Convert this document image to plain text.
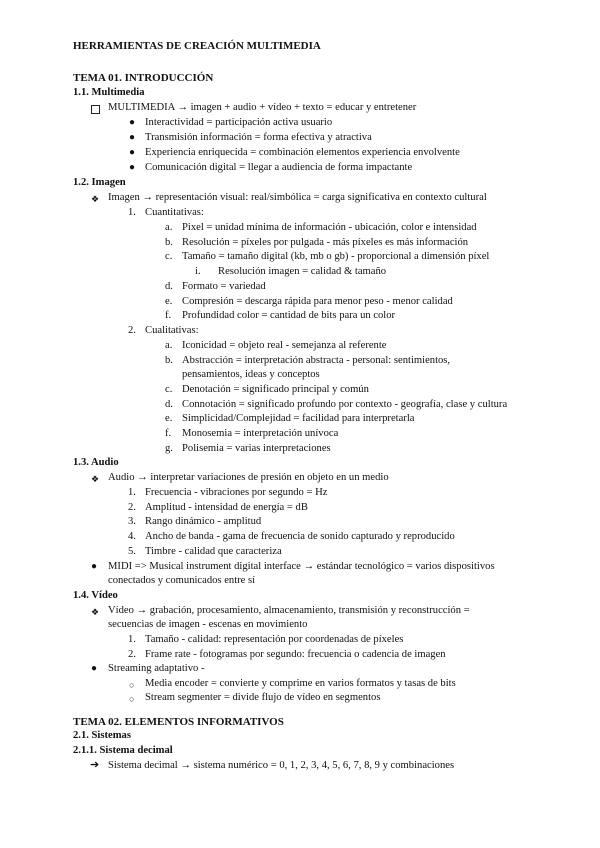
HERRAMIENTAS DE CREACIÓN MULTIMEDIA
TEMA 01. INTRODUCCIÓN
1.1. Multimedia
MULTIMEDIA → imagen + audio + vídeo + texto = educar y entretener
● Interactividad = participación activa usuario
● Transmisión información = forma efectiva y atractiva
● Experiencia enriquecida = combinación elementos experiencia envolvente
● Comunicación digital = llegar a audiencia de forma impactante
1.2. Imagen
❖ Imagen → representación visual: real/simbólica = carga significativa en contexto cultural
1. Cuantitativas:
a. Pixel = unidad mínima de información - ubicación, color e intensidad
b. Resolución = píxeles por pulgada - más píxeles es más información
c. Tamaño = tamaño digital (kb, mb o gb) - proporcional a dimensión píxel
i. Resolución imagen = calidad & tamaño
d. Formato = variedad
e. Compresión = descarga rápida para menor peso - menor calidad
f. Profundidad color = cantidad de bits para un color
2. Cualitativas:
a. Iconicidad = objeto real - semejanza al referente
b. Abstracción = interpretación abstracta - personal: sentimientos,
pensamientos, ideas y conceptos
c. Denotación = significado principal y común
d. Connotación = significado profundo por contexto - geografía, clase y cultura
e. Simplicidad/Complejidad = facilidad para interpretarla
f. Monosemia = interpretación unívoca
g. Polisemia = varias interpretaciones
1.3. Audio
❖ Audio → interpretar variaciones de presión en objeto en un medio
1. Frecuencia - vibraciones por segundo = Hz
2. Amplitud - intensidad de energía = dB
3. Rango dinámico - amplitud
4. Ancho de banda - gama de frecuencia de sonido capturado y reproducido
5. Timbre - calidad que caracteriza
● MIDI => Musical instrument digital interface → estándar tecnológico = varios dispositivos
conectados y comunicados entre sí
1.4. Vídeo
❖ Vídeo → grabación, procesamiento, almacenamiento, transmisión y reconstrucción =
secuencias de imagen - escenas en movimiento
1. Tamaño - calidad: representación por coordenadas de píxeles
2. Frame rate - fotogramas por segundo: frecuencia o cadencia de imagen
● Streaming adaptativo -
○ Media encoder = convierte y comprime en varios formatos y tasas de bits
○ Stream segmenter = divide flujo de vídeo en segmentos
TEMA 02. ELEMENTOS INFORMATIVOS
2.1. Sistemas
2.1.1. Sistema decimal
➔ Sistema decimal → sistema numérico = 0, 1, 2, 3, 4, 5, 6, 7, 8, 9 y combinaciones
